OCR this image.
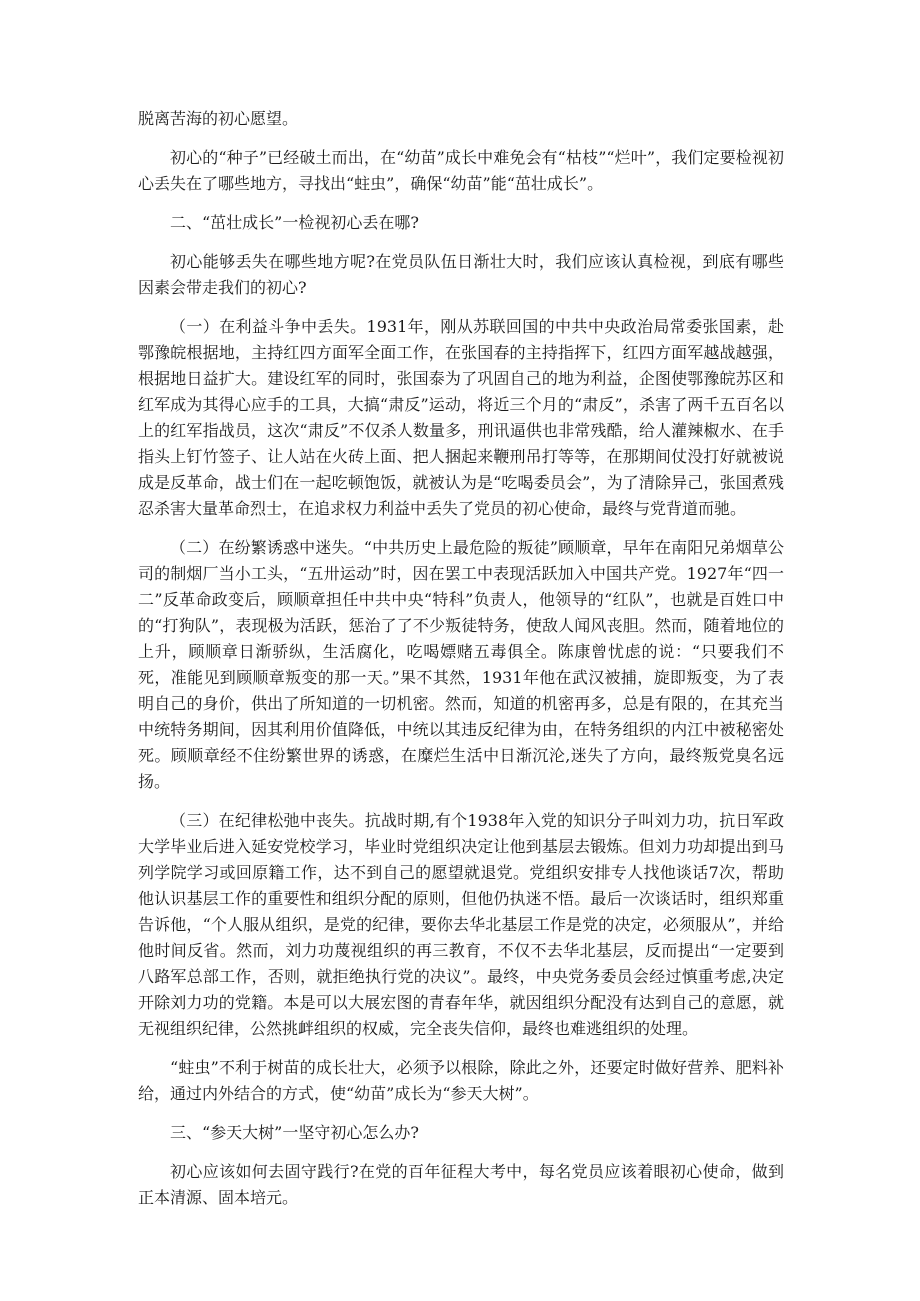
脱离苦海的初心愿望。

初心的“种子”已经破土而出，在“幼苗”成长中难免会有“枯枝”“烂叶”，我们定要检视初心丢失在了哪些地方，寻找出“蛀虫”，确保“幼苗”能“茁壮成长”。

二、“茁壮成长”一检视初心丢在哪?

初心能够丢失在哪些地方呢?在党员队伍日渐壮大时，我们应该认真检视，到底有哪些因素会带走我们的初心?

（一）在利益斗争中丢失。1931年，刚从苏联回国的中共中央政治局常委张国素，赴鄂豫皖根据地，主持红四方面军全面工作，在张国春的主持指挥下，红四方面军越战越强，根据地日益扩大。建设红军的同时，张国泰为了巩固自己的地为利益，企图使鄂豫皖苏区和红军成为其得心应手的工具，大搞“肃反”运动，将近三个月的“肃反”，杀害了两千五百名以上的红军指战员，这次“肃反”不仅杀人数量多，刑讯逼供也非常残酷，给人灌辣椒水、在手指头上钉竹签子、让人站在火砖上面、把人捆起来鞭刑吊打等等，在那期间仗没打好就被说成是反革命，战士们在一起吃顿饱饭，就被认为是“吃喝委员会”，为了清除异己，张国煮残忍杀害大量革命烈士，在追求权力利益中丢失了党员的初心使命，最终与党背道而驰。

（二）在纷繁诱惑中迷失。“中共历史上最危险的叛徒”顾顺章，早年在南阳兄弟烟草公司的制烟厂当小工头，“五卅运动”时，因在罢工中表现活跃加入中国共产党。1927年“四一二”反革命政变后，顾顺章担任中共中央“特科”负责人，他领导的“红队”，也就是百姓口中的“打狗队”，表现极为活跃，惩治了了不少叛徒特务，使敌人闻风丧胆。然而，随着地位的上升，顾顺章日渐骄纵，生活腐化，吃喝嫖赌五毒俱全。陈康曾忧虑的说：“只要我们不死，准能见到顾顺章叛变的那一天。”果不其然，1931年他在武汉被捕，旋即叛变，为了表明自己的身价，供出了所知道的一切机密。然而，知道的机密再多，总是有限的，在其充当中统特务期间，因其利用价值降低，中统以其违反纪律为由，在特务组织的内江中被秘密处死。顾顺章经不住纷繁世界的诱惑，在糜烂生活中日渐沉沦,迷失了方向，最终叛党臭名远扬。

（三）在纪律松弛中丧失。抗战时期,有个1938年入党的知识分子叫刘力功，抗日军政大学毕业后进入延安党校学习，毕业时党组织决定让他到基层去锻炼。但刘力功却提出到马列学院学习或回原籍工作，达不到自己的愿望就退党。党组织安排专人找他谈话7次，帮助他认识基层工作的重要性和组织分配的原则，但他仍执迷不悟。最后一次谈话时，组织郑重告诉他，“个人服从组织，是党的纪律，要你去华北基层工作是党的决定，必须服从”，并给他时间反省。然而，刘力功蔑视组织的再三教育，不仅不去华北基层，反而提出“一定要到八路军总部工作，否则，就拒绝执行党的决议”。最终，中央党务委员会经过慎重考虑,决定开除刘力功的党籍。本是可以大展宏图的青春年华，就因组织分配没有达到自己的意愿，就无视组织纪律，公然挑衅组织的权威，完全丧失信仰，最终也难逃组织的处理。

“蛀虫”不利于树苗的成长壮大，必须予以根除，除此之外，还要定时做好营养、肥料补给，通过内外结合的方式，使“幼苗”成长为“参天大树”。

三、“参天大树”一坚守初心怎么办?

初心应该如何去固守践行?在党的百年征程大考中，每名党员应该着眼初心使命，做到正本清源、固本培元。
